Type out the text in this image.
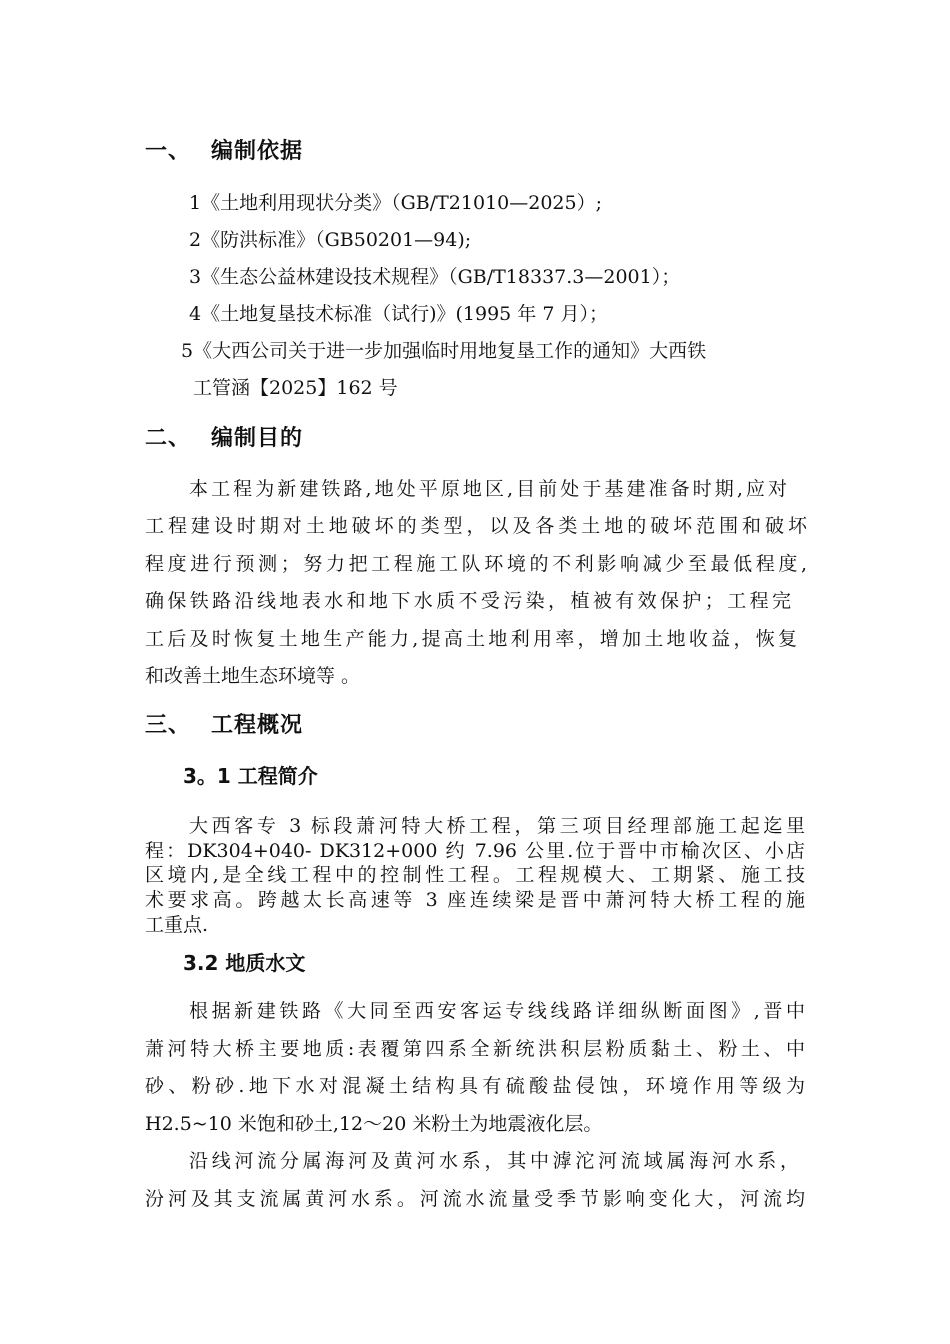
一、 编制依据
1《土地利用现状分类》（GB/T21010—2025）;
2《防洪标准》（GB50201—94);
3《生态公益林建设技术规程》（GB/T18337.3—2001）；
4《土地复垦技术标准（试行)》(1995 年 7 月）；
5《大西公司关于进一步加强临时用地复垦工作的通知》大西铁
工管涵【2025】162 号
二、 编制目的
本工程为新建铁路,地处平原地区,目前处于基建准备时期,应对
工程建设时期对土地破坏的类型，以及各类土地的破坏范围和破坏
程度进行预测；努力把工程施工队环境的不利影响减少至最低程度,
确保铁路沿线地表水和地下水质不受污染，植被有效保护；工程完
工后及时恢复土地生产能力,提高土地利用率，增加土地收益，恢复
和改善土地生态环境等 。
三、 工程概况
3。1 工程简介
大西客专 3 标段萧河特大桥工程，第三项目经理部施工起迄里
程：DK304+040- DK312+000 约 7.96 公里.位于晋中市榆次区、小店
区境内,是全线工程中的控制性工程。工程规模大、工期紧、施工技
术要求高。跨越太长高速等 3 座连续梁是晋中萧河特大桥工程的施
工重点.
3.2 地质水文
根据新建铁路《大同至西安客运专线线路详细纵断面图》,晋中
萧河特大桥主要地质:表覆第四系全新统洪积层粉质黏土、粉土、中
砂、粉砂.地下水对混凝土结构具有硫酸盐侵蚀，环境作用等级为
H2.5~10 米饱和砂土,12～20 米粉土为地震液化层。
沿线河流分属海河及黄河水系，其中滹沱河流域属海河水系，
汾河及其支流属黄河水系。河流水流量受季节影响变化大，河流均
